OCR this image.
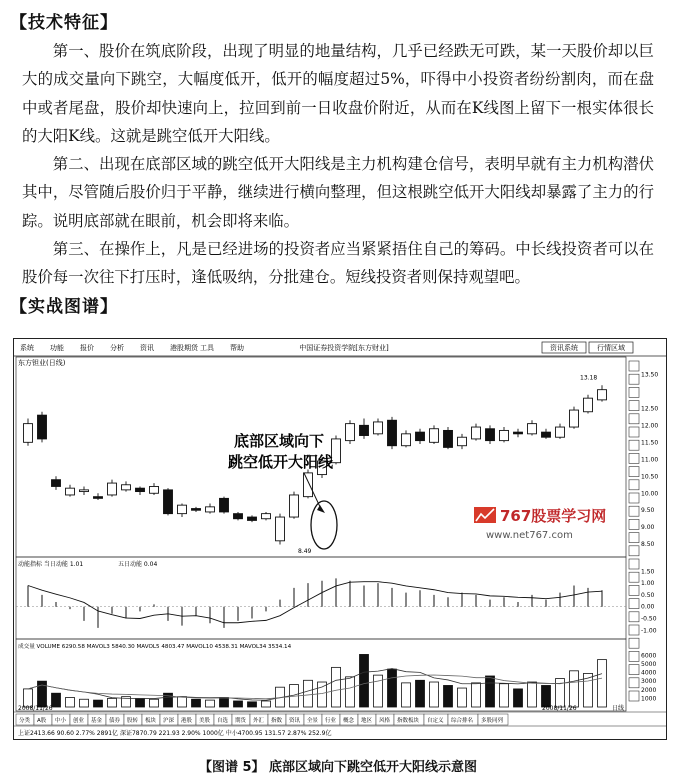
【技术特征】
第一、股价在筑底阶段，出现了明显的地量结构，几乎已经跌无可跌，某一天股价却以巨大的成交量向下跳空，大幅度低开，低开的幅度超过5%，吓得中小投资者纷纷割肉，而在盘中或者尾盘，股价却快速向上，拉回到前一日收盘价附近，从而在K线图上留下一根实体很长的大阳K线。这就是跳空低开大阳线。
第二、出现在底部区域的跳空低开大阳线是主力机构建仓信号，表明早就有主力机构潜伏其中，尽管随后股价归于平静，继续进行横向整理，但这根跳空低开大阳线却暴露了主力的行踪。说明底部就在眼前，机会即将来临。
第三、在操作上，凡是已经进场的投资者应当紧紧捂住自己的筹码。中长线投资者可以在股价每一次往下打压时，逢低吸纳，分批建仓。短线投资者则保持观望吧。
【实战图谱】
系统 功能 报价 分析 资讯 港股期货 工具 帮助	中国证券投资学院[东方财业]	资讯系统	行情区域
东方钽业(日线)
13.50
12.50
12.00
11.50
11.00
10.50
10.00
9.50
9.00
8.50
1.50
1.00
0.50
0.00
-0.50
-1.00
6000
5000
4000
3000
2000
1000
底部区域向下
跳空低开大阳线
8.49
13.18
767股票学习网
www.net767.com
动能指标 当日动能 1.01	五日动能 0.04
成交量 VOLUME 6290.58 MAVOL3 5840.30 MAVOL5 4803.47 MAVOL10 4538.31 MAVOL34 3534.14
2008/11/26	2008/11/26	日线
分类 A股 中小 创业 基金 债券 股转 板块 沪深 港股 美股 自选 期货 外汇 指数 资讯 全景 行业 概念 地区 风格 指数板块 自定义 综合排名 多股同列
上证2413.66 90.60 2.77% 2891亿 深证7870.79 221.93 2.90% 1000亿 中小4700.95 131.57 2.87% 252.9亿
【图谱 5】 底部区域向下跳空低开大阳线示意图
